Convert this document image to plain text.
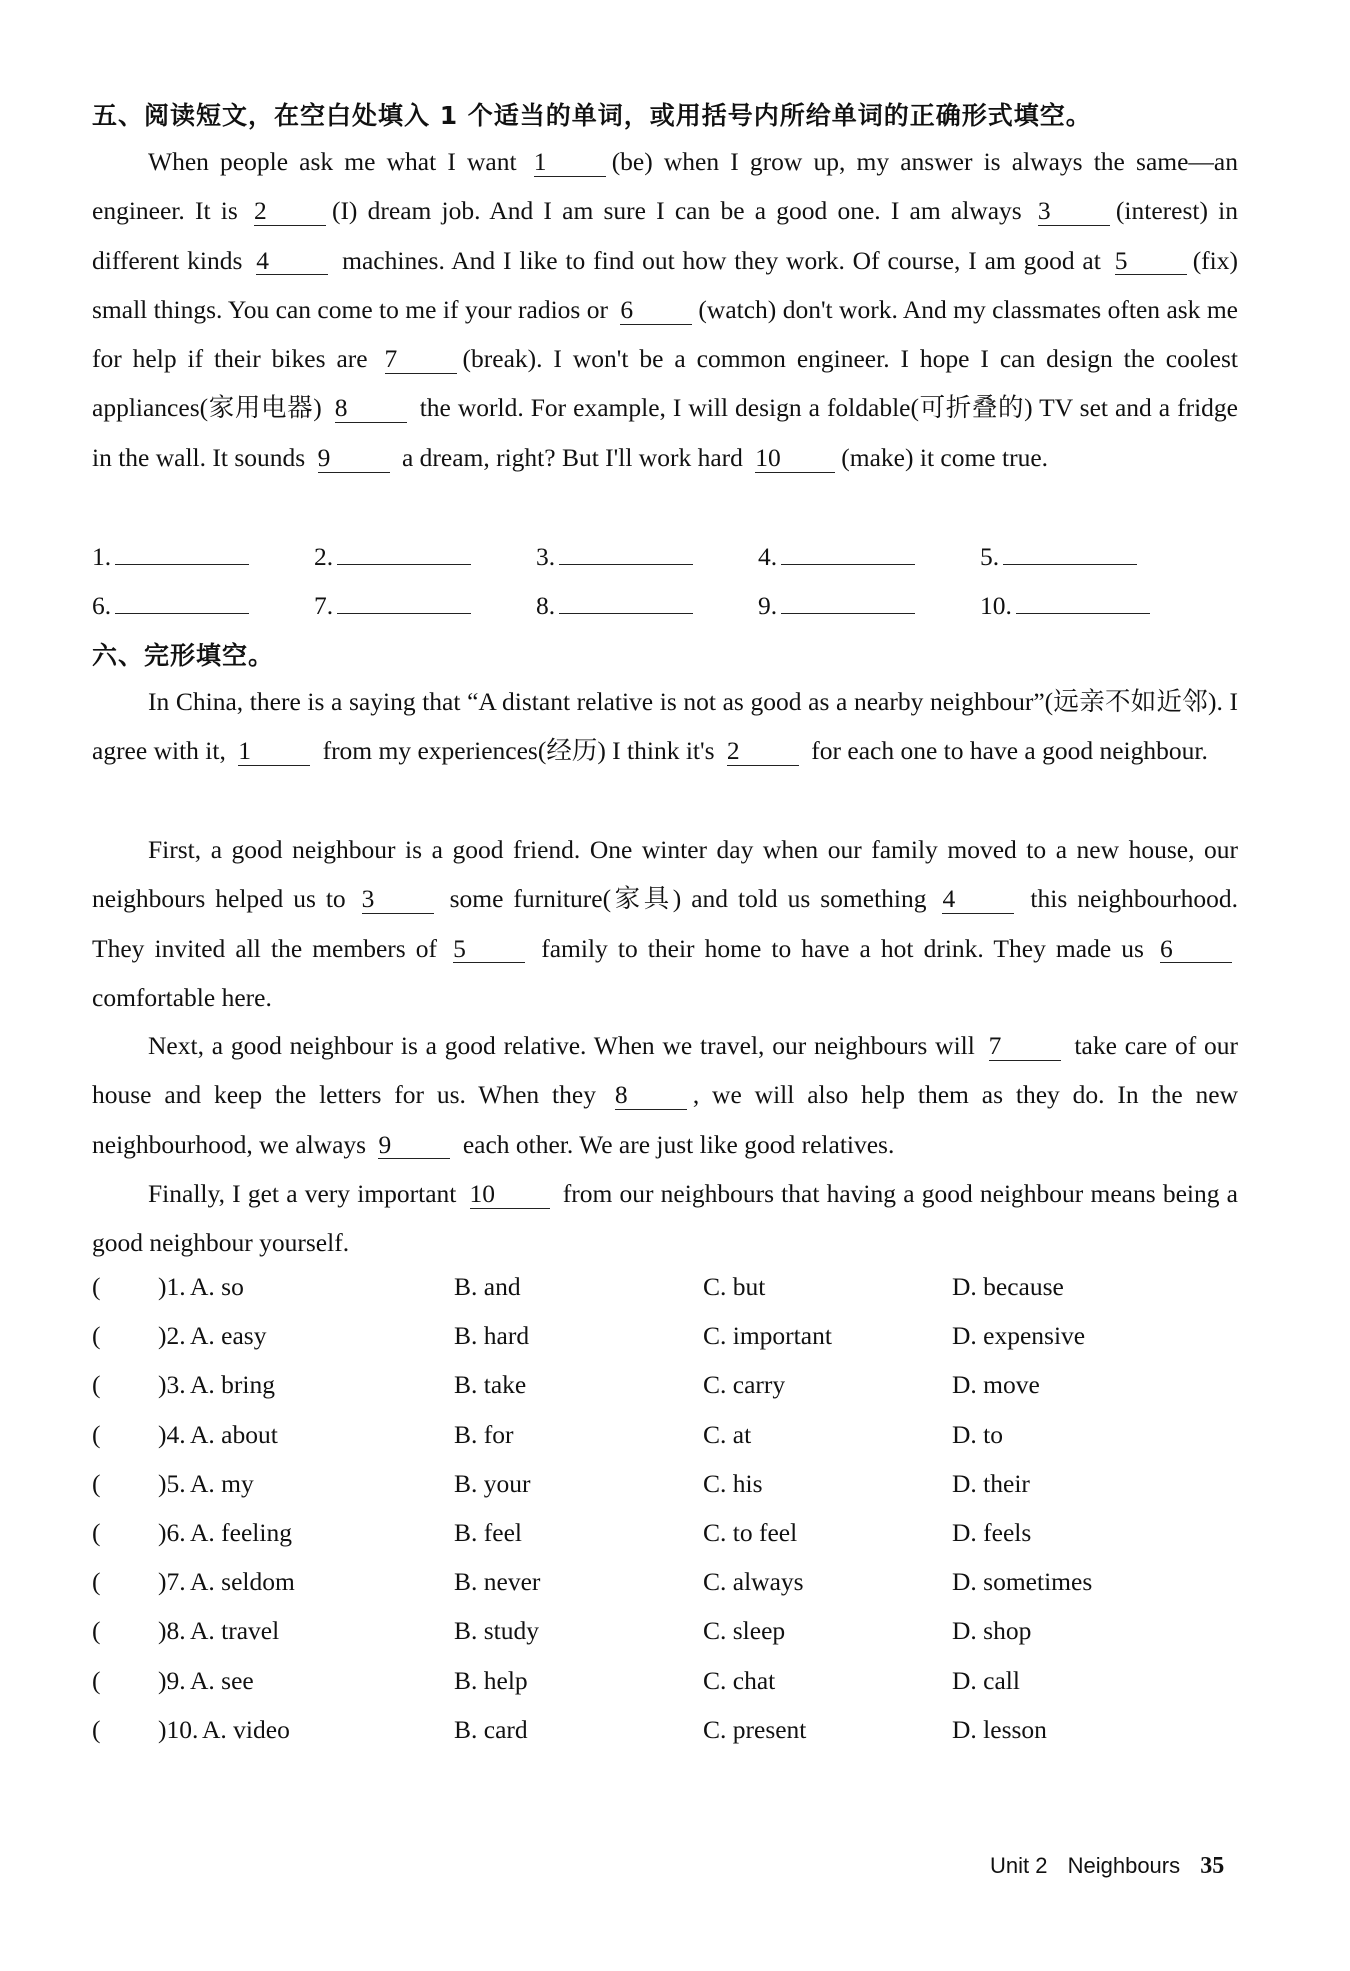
五、阅读短文，在空白处填入 1 个适当的单词，或用括号内所给单词的正确形式填空。
When people ask me what I want 1	(be) when I grow up, my answer is always the same—an engineer. It is 2	(I) dream job. And I am sure I can be a good one. I am always 3	(interest) in different kinds 4	machines. And I like to find out how they work. Of course, I am good at 5	(fix) small things. You can come to me if your radios or 6	(watch) don't work. And my classmates often ask me for help if their bikes are 7	(break). I won't be a common engineer. I hope I can design the coolest appliances(家用电器) 8	the world. For example, I will design a foldable(可折叠的) TV set and a fridge in the wall. It sounds 9	a dream, right? But I'll work hard 10 (make) it come true.
1.	2.	3.	4.	5.
6.	7.	8.	9.	10.
六、完形填空。
In China, there is a saying that “A distant relative is not as good as a nearby neighbour”(远亲不如近邻). I agree with it, 1	from my experiences(经历) I think it's 2	for each one to have a good neighbour.
First, a good neighbour is a good friend. One winter day when our family moved to a new house, our neighbours helped us to 3	some furniture(家具) and told us something 4	this neighbourhood. They invited all the members of 5	family to their home to have a hot drink. They made us 6 comfortable here.
Next, a good neighbour is a good relative. When we travel, our neighbours will 7	take care of our house and keep the letters for us. When they 8	, we will also help them as they do. In the new neighbourhood, we always 9	each other. We are just like good relatives.
Finally, I get a very important 10 from our neighbours that having a good neighbour means being a good neighbour yourself.
( )1. A. so	B. and	C. but	D. because
( )2. A. easy	B. hard	C. important	D. expensive
( )3. A. bring	B. take	C. carry	D. move
( )4. A. about	B. for	C. at	D. to
( )5. A. my	B. your	C. his	D. their
( )6. A. feeling	B. feel	C. to feel	D. feels
( )7. A. seldom	B. never	C. always	D. sometimes
( )8. A. travel	B. study	C. sleep	D. shop
( )9. A. see	B. help	C. chat	D. call
( )10. A. video	B. card	C. present	D. lesson
Unit 2 Neighbours 35
